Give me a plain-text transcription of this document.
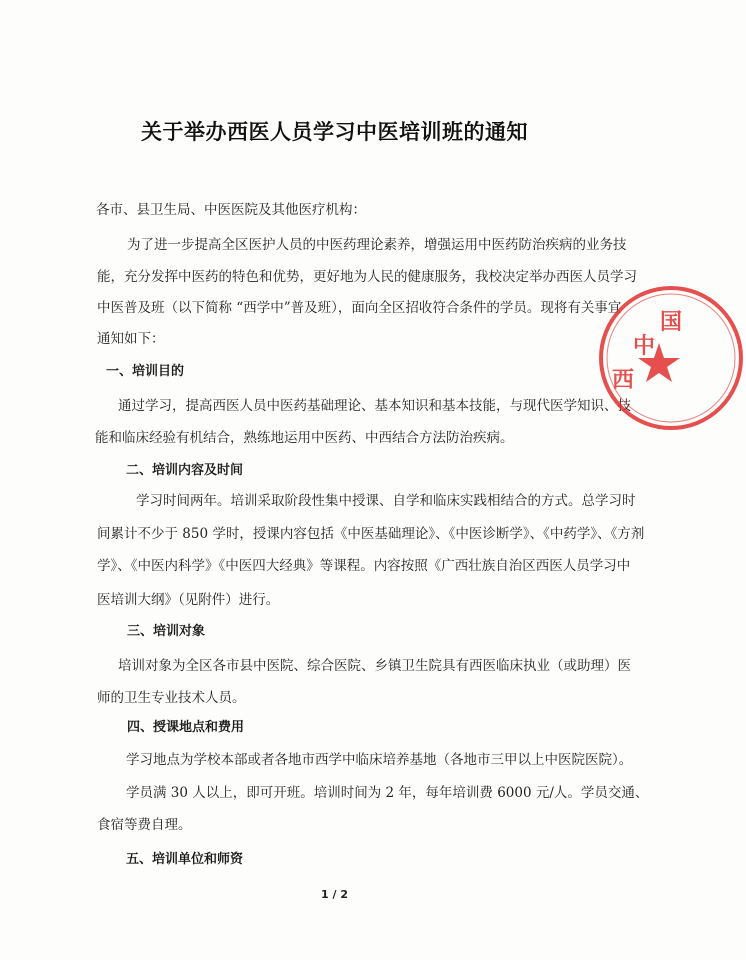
关于举办西医人员学习中医培训班的通知
各市、县卫生局、中医医院及其他医疗机构：
为了进一步提高全区医护人员的中医药理论素养，增强运用中医药防治疾病的业务技
能，充分发挥中医药的特色和优势，更好地为人民的健康服务，我校决定举办西医人员学习
中医普及班（以下简称 “西学中”普及班），面向全区招收符合条件的学员。现将有关事宜
通知如下：
一、培训目的
通过学习，提高西医人员中医药基础理论、基本知识和基本技能，与现代医学知识、技
能和临床经验有机结合，熟练地运用中医药、中西结合方法防治疾病。
二、培训内容及时间
学习时间两年。培训采取阶段性集中授课、自学和临床实践相结合的方式。总学习时
间累计不少于 850 学时，授课内容包括《中医基础理论》、《中医诊断学》、《中药学》、《方剂
学》、《中医内科学》《中医四大经典》等课程。内容按照《广西壮族自治区西医人员学习中
医培训大纲》（见附件）进行。
三、培训对象
培训对象为全区各市县中医院、综合医院、乡镇卫生院具有西医临床执业（或助理）医
师的卫生专业技术人员。
四、授课地点和费用
学习地点为学校本部或者各地市西学中临床培养基地（各地市三甲以上中医院医院）。
学员满 30 人以上，即可开班。培训时间为 2 年，每年培训费 6000 元/人。学员交通、
食宿等费自理。
五、培训单位和师资
中
西
国
1 / 2
